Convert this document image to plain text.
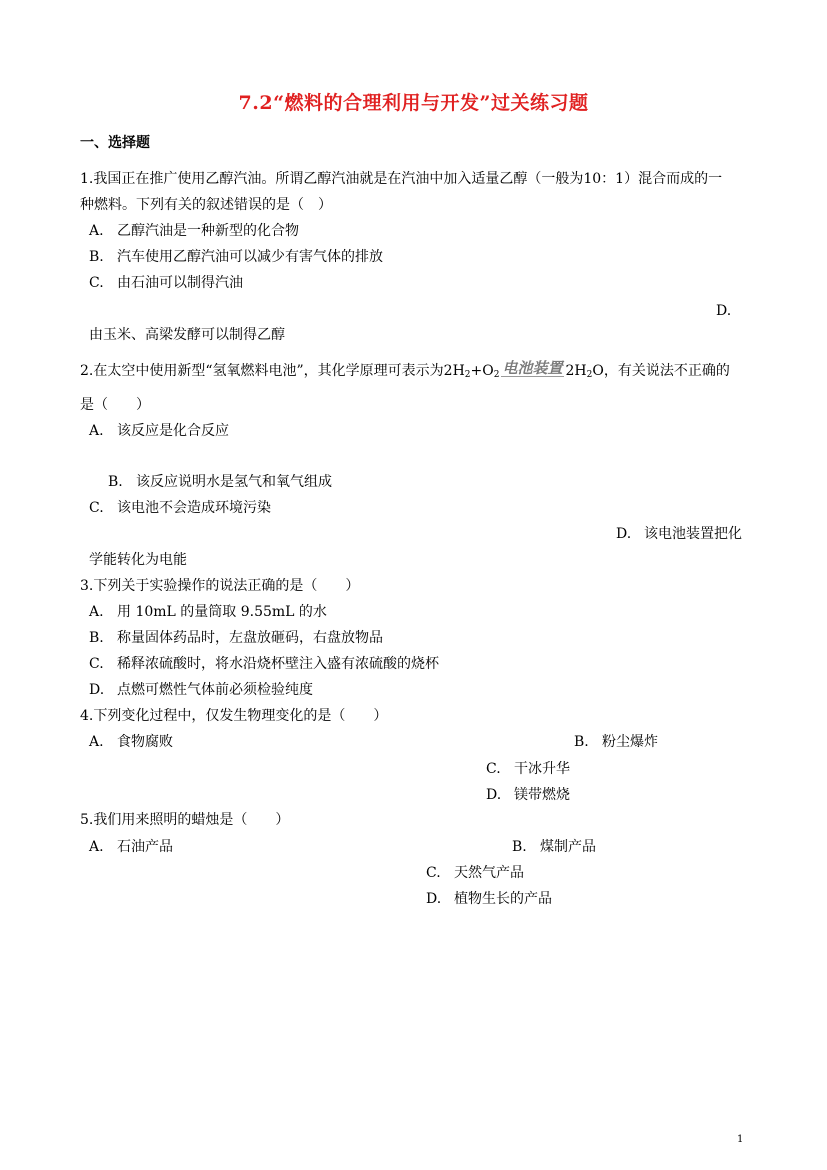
7.2“燃料的合理利用与开发”过关练习题
一、选择题
1.我国正在推广使用乙醇汽油。所谓乙醇汽油就是在汽油中加入适量乙醇（一般为10：1）混合而成的一
种燃料。下列有关的叙述错误的是（　）
A. 乙醇汽油是一种新型的化合物
B. 汽车使用乙醇汽油可以减少有害气体的排放
C. 由石油可以制得汽油
D.
由玉米、高梁发酵可以制得乙醇
2.在太空中使用新型“氢氧燃料电池”，其化学原理可表示为$2H_2+O_2$ 电池装置 $2H_2O$，有关说法不正确的
是（　　）
A. 该反应是化合反应
B. 该反应说明水是氢气和氧气组成
C. 该电池不会造成环境污染
D. 该电池装置把化
学能转化为电能
3.下列关于实验操作的说法正确的是（　　）
A. 用 10mL 的量筒取 9.55mL 的水
B. 称量固体药品时，左盘放砸码，右盘放物品
C. 稀释浓硫酸时，将水沿烧杯壁注入盛有浓硫酸的烧杯
D. 点燃可燃性气体前必须检验纯度
4.下列变化过程中，仅发生物理变化的是（　　）
A. 食物腐败	B. 粉尘爆炸
C. 干冰升华
D. 镁带燃烧
5.我们用来照明的蜡烛是（　　）
A. 石油产品	B. 煤制产品
C. 天然气产品
D. 植物生长的产品
1
